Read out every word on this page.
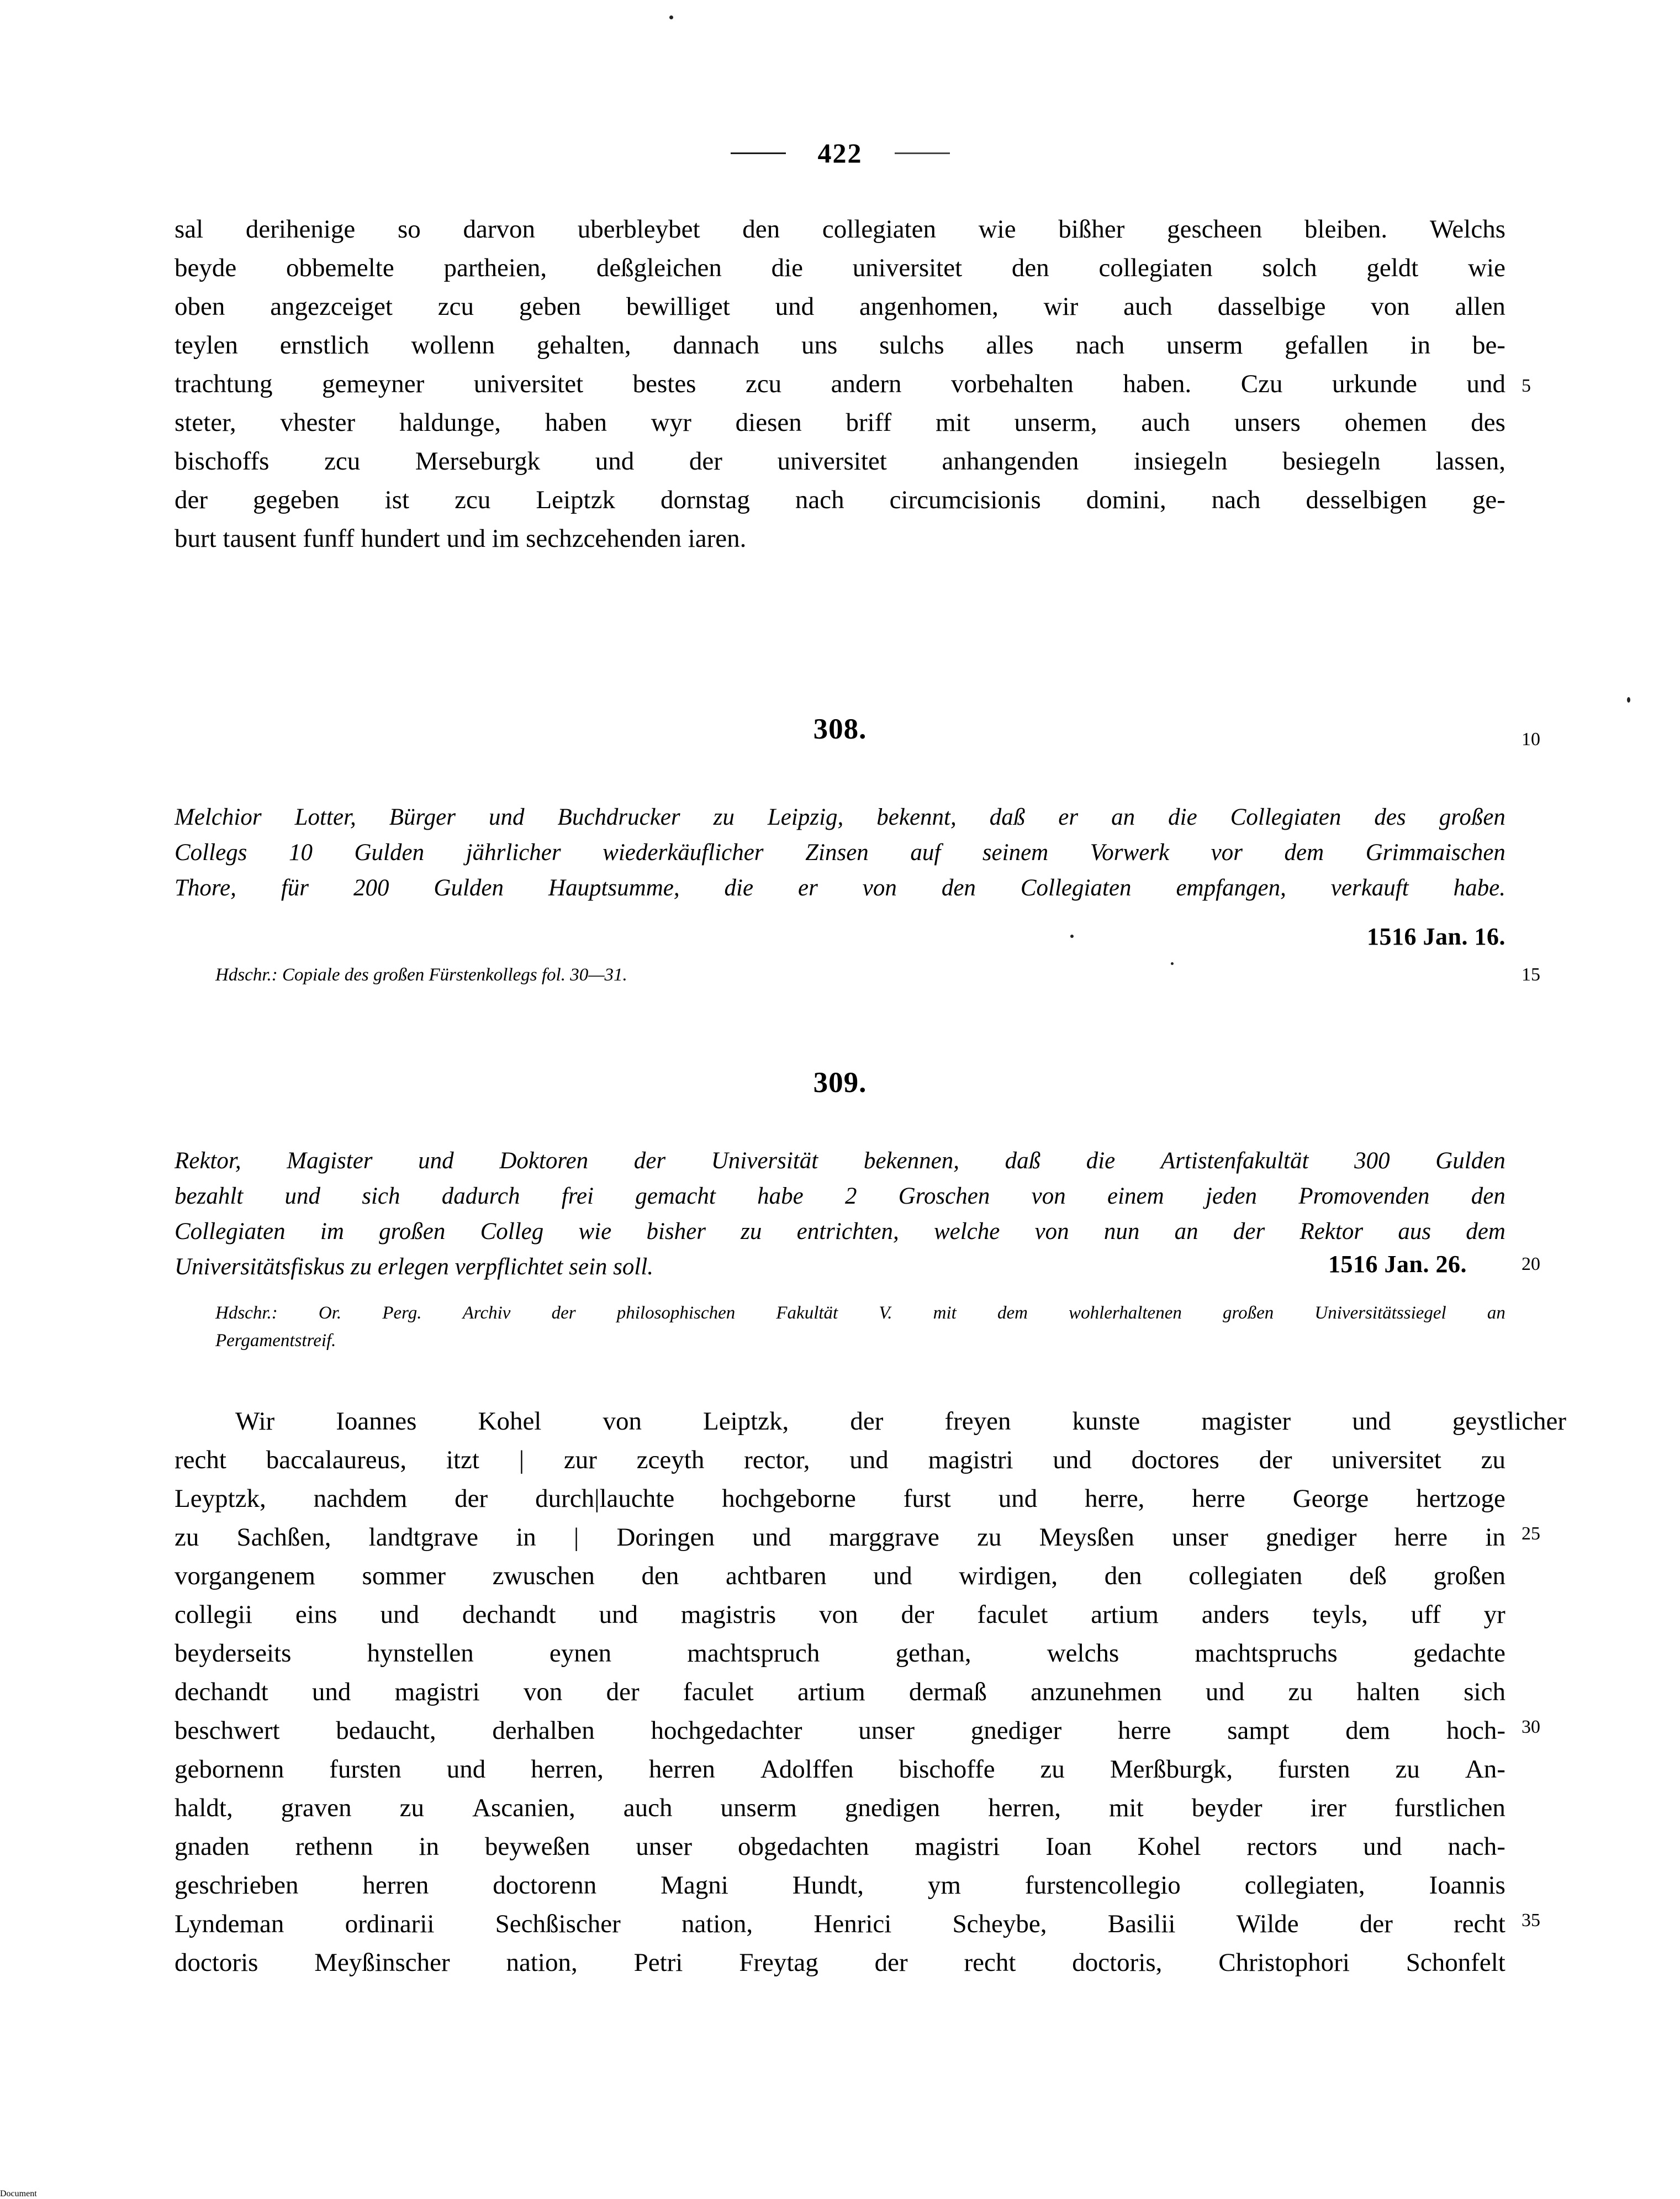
422
sal derihenige so darvon uberbleybet den collegiaten wie bißher gescheen bleiben. Welchs
beyde obbemelte partheien, deßgleichen die universitet den collegiaten solch geldt wie
oben angezceiget zcu geben bewilliget und angenhomen, wir auch dasselbige von allen
teylen ernstlich wollenn gehalten, dannach uns sulchs alles nach unserm gefallen in be-
trachtung gemeyner universitet bestes zcu andern vorbehalten haben. Czu urkunde und
steter, vhester haldunge, haben wyr diesen briff mit unserm, auch unsers ohemen des
bischoffs zcu Merseburgk und der universitet anhangenden insiegeln besiegeln lassen,
der gegeben ist zcu Leiptzk dornstag nach circumcisionis domini, nach desselbigen ge-
burt tausent funff hundert und im sechzcehenden iaren.
5
308.	10
Melchior Lotter, Bürger und Buchdrucker zu Leipzig, bekennt, daß er an die Collegiaten des großen
Collegs 10 Gulden jährlicher wiederkäuflicher Zinsen auf seinem Vorwerk vor dem Grimmaischen
Thore, für 200 Gulden Hauptsumme, die er von den Collegiaten empfangen, verkauft habe.
1516 Jan. 16.
Hdschr.: Copiale des großen Fürstenkollegs fol. 30—31.	15
309.
Rektor, Magister und Doktoren der Universität bekennen, daß die Artistenfakultät 300 Gulden
bezahlt und sich dadurch frei gemacht habe 2 Groschen von einem jeden Promovenden den
Collegiaten im großen Colleg wie bisher zu entrichten, welche von nun an der Rektor aus dem
Universitätsfiskus zu erlegen verpflichtet sein soll.	1516 Jan. 26.	20
Hdschr.: Or. Perg. Archiv der philosophischen Fakultät V. mit dem wohlerhaltenen großen Universitätssiegel an
Pergamentstreif.
Wir Ioannes Kohel von Leiptzk, der freyen kunste magister und geystlicher
recht baccalaureus, itzt | zur zceyth rector, und magistri und doctores der universitet zu
Leyptzk, nachdem der durch|lauchte hochgeborne furst und herre, herre George hertzoge
zu Sachßen, landtgrave in | Doringen und marggrave zu Meysßen unser gnediger herre in
vorgangenem sommer zwuschen den achtbaren und wirdigen, den collegiaten deß großen
collegii eins und dechandt und magistris von der faculet artium anders teyls, uff yr
beyderseits	hynstellen	eynen	machtspruch	gethan,	welchs	machtspruchs	gedachte
dechandt und magistri von der faculet artium dermaß anzunehmen und zu halten sich
beschwert bedaucht, derhalben hochgedachter unser gnediger herre sampt dem hoch-
gebornenn fursten und herren, herren Adolffen bischoffe zu Merßburgk, fursten zu An-
haldt, graven zu Ascanien, auch unserm gnedigen herren, mit beyder irer furstlichen
gnaden rethenn in beyweßen unser obgedachten magistri Ioan Kohel rectors und nach-
geschrieben herren doctorenn Magni Hundt, ym furstencollegio collegiaten, Ioannis
Lyndeman ordinarii Sechßischer nation, Henrici Scheybe, Basilii Wilde der recht
doctoris Meyßinscher nation, Petri Freytag der recht doctoris, Christophori Schonfelt
25
30
35
Document
